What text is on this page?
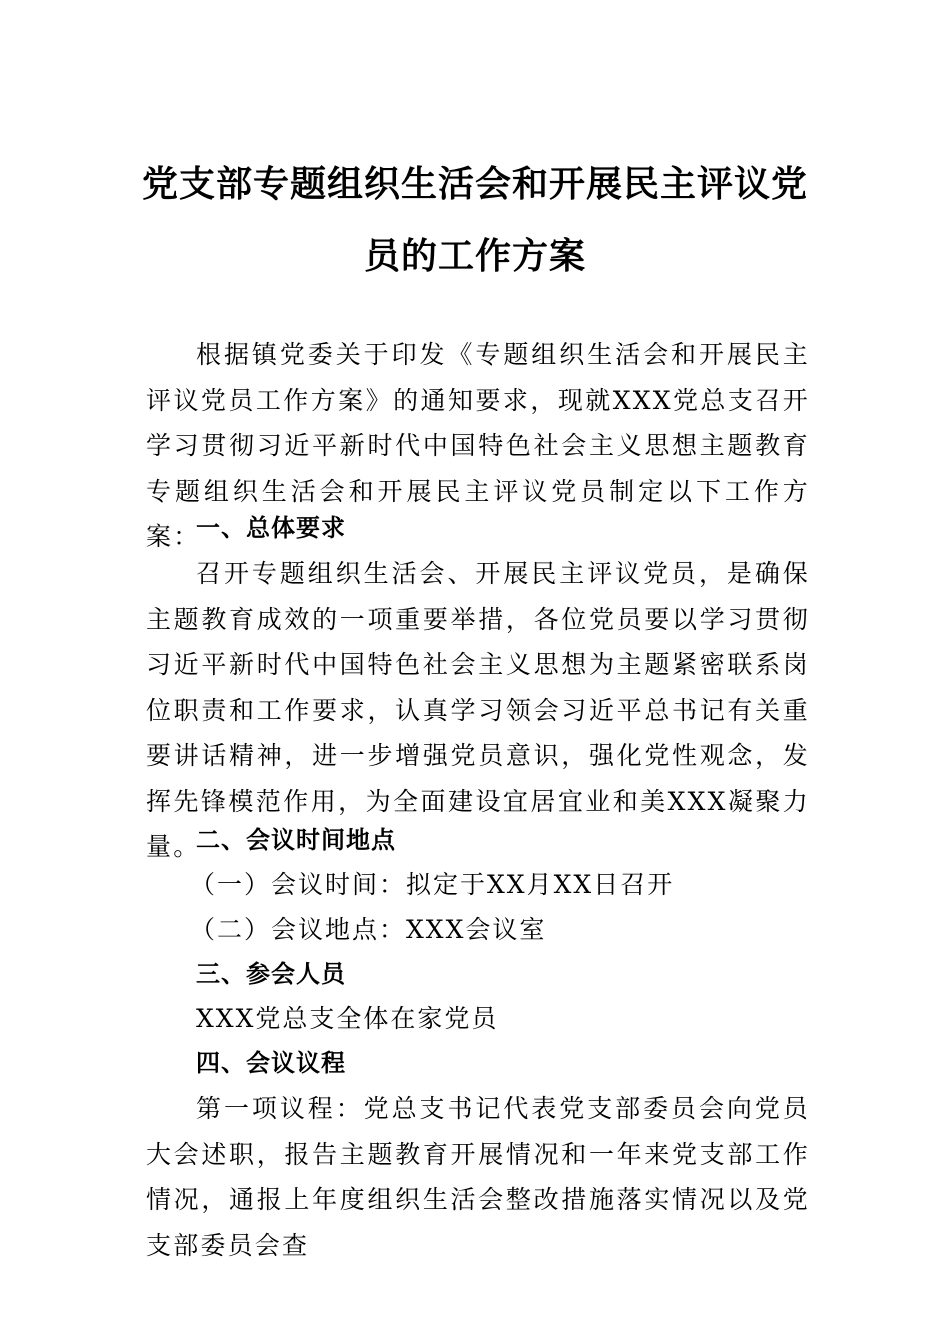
党支部专题组织生活会和开展民主评议党
员的工作方案

根据镇党委关于印发《专题组织生活会和开展民主评议党员工作方案》的通知要求，现就XXX党总支召开学习贯彻习近平新时代中国特色社会主义思想主题教育专题组织生活会和开展民主评议党员制定以下工作方案：

一、总体要求

召开专题组织生活会、开展民主评议党员，是确保主题教育成效的一项重要举措，各位党员要以学习贯彻习近平新时代中国特色社会主义思想为主题紧密联系岗位职责和工作要求，认真学习领会习近平总书记有关重要讲话精神，进一步增强党员意识，强化党性观念，发挥先锋模范作用，为全面建设宜居宜业和美XXX凝聚力量。

二、会议时间地点

（一）会议时间：拟定于XX月XX日召开

（二）会议地点：XXX会议室

三、参会人员

XXX党总支全体在家党员

四、会议议程

第一项议程：党总支书记代表党支部委员会向党员大会述职，报告主题教育开展情况和一年来党支部工作情况，通报上年度组织生活会整改措施落实情况以及党支部委员会查
